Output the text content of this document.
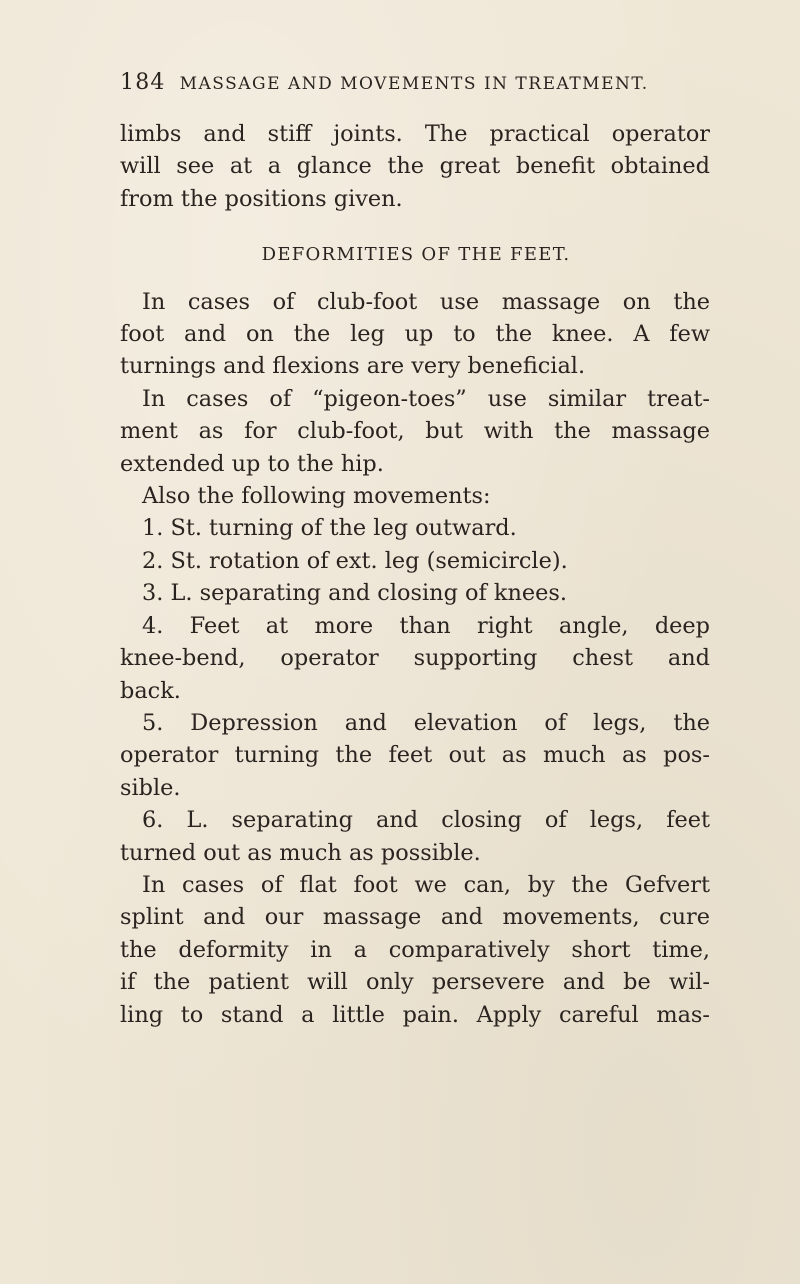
184 MASSAGE AND MOVEMENTS IN TREATMENT.
limbs and stiff joints. The practical operator
will see at a glance the great benefit obtained
from the positions given.
DEFORMITIES OF THE FEET.
In cases of club-foot use massage on the
foot and on the leg up to the knee. A few
turnings and flexions are very beneficial.
In cases of “pigeon-toes” use similar treat-
ment as for club-foot, but with the massage
extended up to the hip.
Also the following movements:
1. St. turning of the leg outward.
2. St. rotation of ext. leg (semicircle).
3. L. separating and closing of knees.
4. Feet at more than right angle, deep
knee-bend, operator supporting chest and
back.
5. Depression and elevation of legs, the
operator turning the feet out as much as pos-
sible.
6. L. separating and closing of legs, feet
turned out as much as possible.
In cases of flat foot we can, by the Gefvert
splint and our massage and movements, cure
the deformity in a comparatively short time,
if the patient will only persevere and be wil-
ling to stand a little pain. Apply careful mas-
